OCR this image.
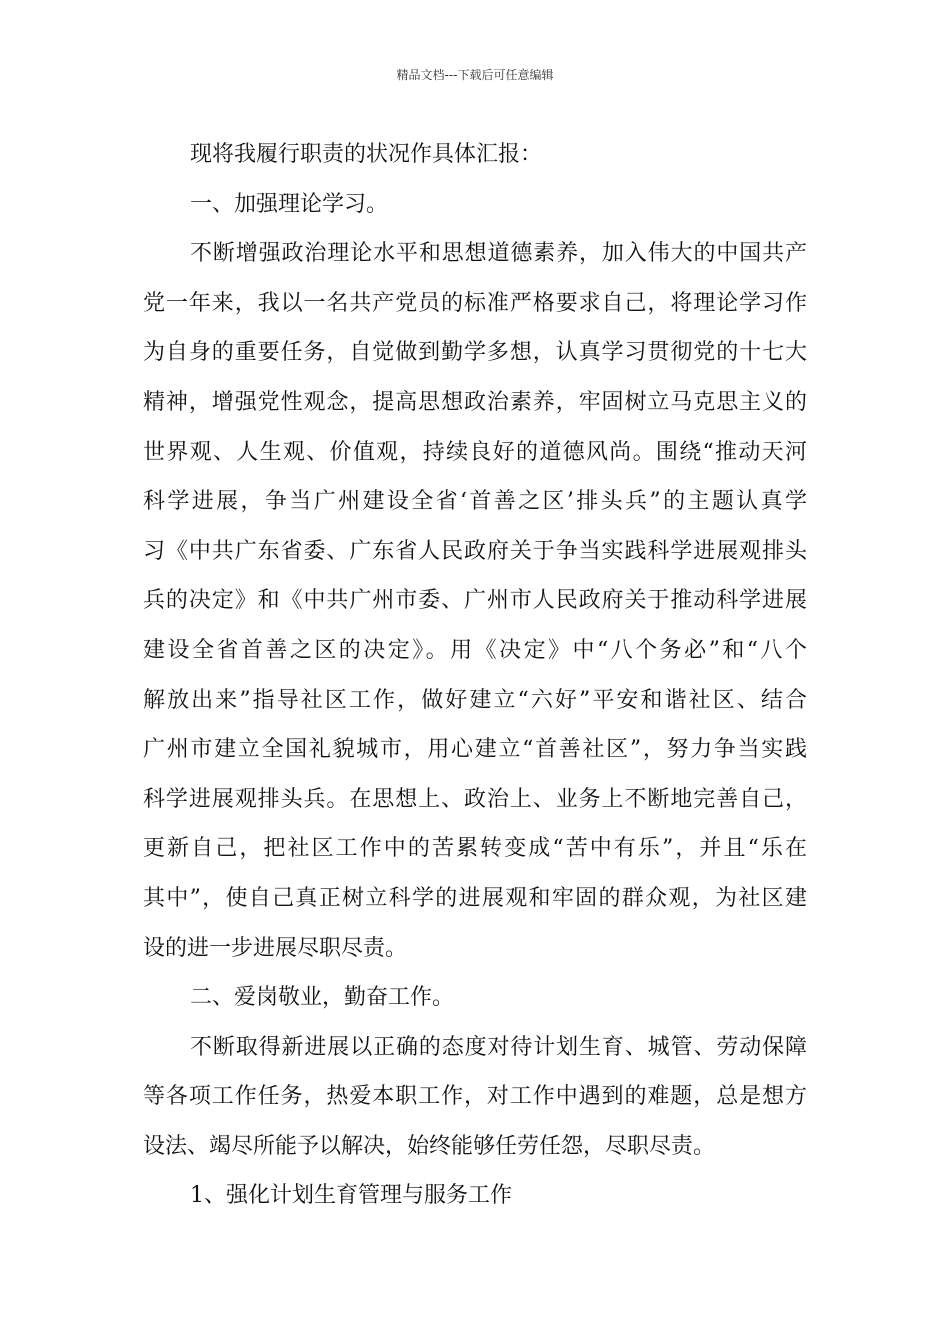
精品文档---下载后可任意编辑
现将我履行职责的状况作具体汇报：
一、加强理论学习。
不断增强政治理论水平和思想道德素养，加入伟大的中国共产
党一年来，我以一名共产党员的标准严格要求自己，将理论学习作
为自身的重要任务，自觉做到勤学多想，认真学习贯彻党的十七大
精神，增强党性观念，提高思想政治素养，牢固树立马克思主义的
世界观、人生观、价值观，持续良好的道德风尚。围绕“推动天河
科学进展，争当广州建设全省‘首善之区’排头兵”的主题认真学
习《中共广东省委、广东省人民政府关于争当实践科学进展观排头
兵的决定》和《中共广州市委、广州市人民政府关于推动科学进展
建设全省首善之区的决定》。用《决定》中“八个务必”和“八个
解放出来”指导社区工作，做好建立“六好”平安和谐社区、结合
广州市建立全国礼貌城市，用心建立“首善社区”，努力争当实践
科学进展观排头兵。在思想上、政治上、业务上不断地完善自己，
更新自己，把社区工作中的苦累转变成“苦中有乐”，并且“乐在
其中”，使自己真正树立科学的进展观和牢固的群众观，为社区建
设的进一步进展尽职尽责。
二、爱岗敬业，勤奋工作。
不断取得新进展以正确的态度对待计划生育、城管、劳动保障
等各项工作任务，热爱本职工作，对工作中遇到的难题，总是想方
设法、竭尽所能予以解决，始终能够任劳任怨，尽职尽责。
1、强化计划生育管理与服务工作
